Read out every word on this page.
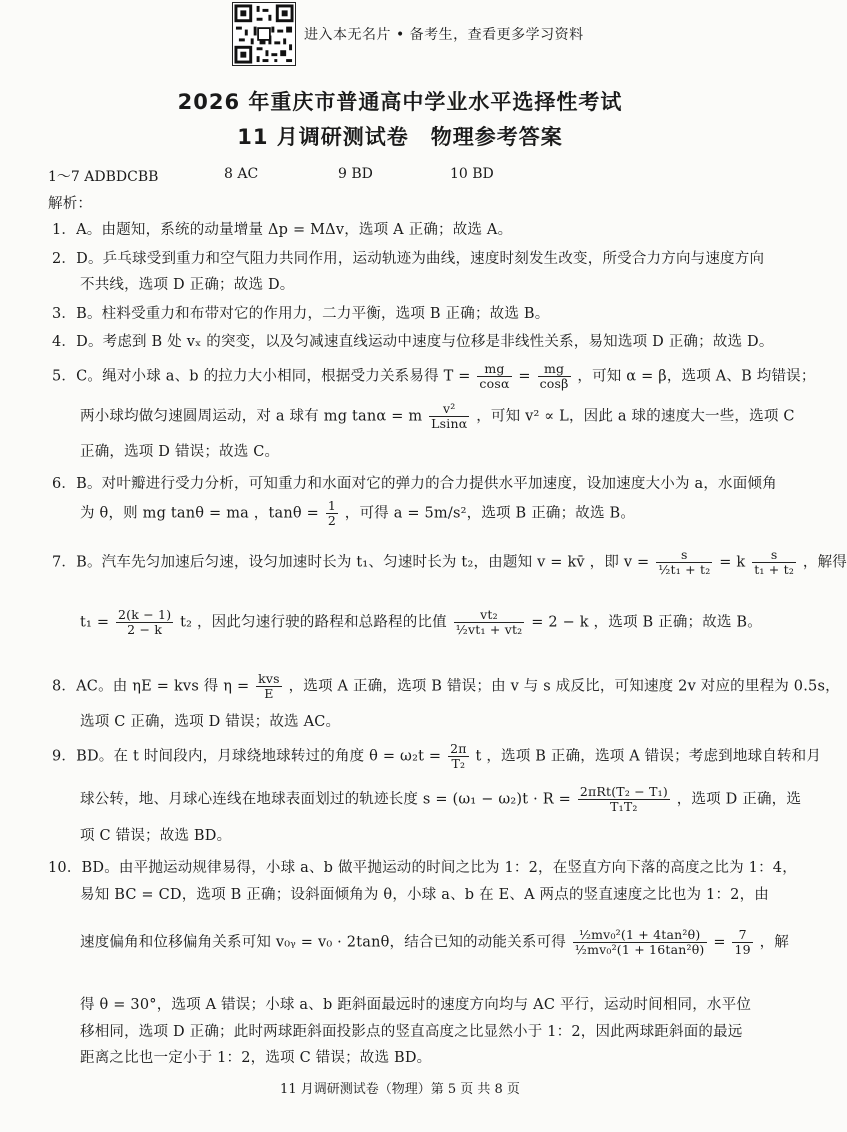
进入本无名片 • 备考生，查看更多学习资料
2026 年重庆市普通高中学业水平选择性考试
11 月调研测试卷　物理参考答案
1～7 ADBDCBB	8 AC	9 BD	10 BD
解析：
1．A。由题知，系统的动量增量 Δp = MΔv，选项 A 正确；故选 A。
2．D。乒乓球受到重力和空气阻力共同作用，运动轨迹为曲线，速度时刻发生改变，所受合力方向与速度方向
不共线，选项 D 正确；故选 D。
3．B。柱料受重力和布带对它的作用力，二力平衡，选项 B 正确；故选 B。
4．D。考虑到 B 处 vₓ 的突变，以及匀减速直线运动中速度与位移是非线性关系，易知选项 D 正确；故选 D。
5．C。绳对小球 a、b 的拉力大小相同，根据受力关系易得 $T = \frac{mg}{\cos\alpha} = \frac{mg}{\cos\beta}$ ，可知 α = β，选项 A、B 均错误；
两小球均做匀速圆周运动，对 a 球有 mg tanα = m $\frac{\text{v²}}{Lsin\alpha}$ ，可知 v² ∝ L，因此 a 球的速度大一些，选项 C
正确，选项 D 错误；故选 C。
6．B。对叶瓣进行受力分析，可知重力和水面对它的弹力的合力提供水平加速度，设加速度大小为 a，水面倾角
为 θ，则 mg tanθ = ma ，$\tan\theta = \frac{1}{2}$ ，可得 a = 5m/s²，选项 B 正确；故选 B。
7．B。汽车先匀加速后匀速，设匀加速时长为 t₁、匀速时长为 t₂，由题知 v = kv̄ ，即 $v = \frac{s}{\text{½t₁ + t₂}} = k \frac{s}{\text{t₁ + t₂}}$ ，解得
$t_1 = \frac{2(k - 1)}{2 - k} t_2$ ，因此匀速行驶的路程和总路程的比值 $\frac{\text{vt₂}}{\text{½vt₁ + vt₂}} = 2 - k$ ，选项 B 正确；故选 B。
8．AC。由 ηE = kvs 得 $\eta = \frac{\text{kvs}}{E}$ ，选项 A 正确，选项 B 错误；由 v 与 s 成反比，可知速度 2v 对应的里程为 0.5s，
选项 C 正确，选项 D 错误；故选 AC。
9．BD。在 t 时间段内，月球绕地球转过的角度 $\theta = \omega_2t = \frac{2\pi}{\text{T₂}}$ t ，选项 B 正确，选项 A 错误；考虑到地球自转和月
球公转，地、月球心连线在地球表面划过的轨迹长度 $s = (\omega_1 - \omega_2)t \cdot R = \frac{\text{2πRt(T₂ − T₁)}}{\text{T₁T₂}}$ ，选项 D 正确，选
项 C 错误；故选 BD。
10．BD。由平抛运动规律易得，小球 a、b 做平抛运动的时间之比为 1：2，在竖直方向下落的高度之比为 1：4，
易知 BC = CD，选项 B 正确；设斜面倾角为 θ，小球 a、b 在 E、A 两点的竖直速度之比也为 1：2，由
速度偏角和位移偏角关系可知 v₀ᵧ = v₀ · 2tanθ，结合已知的动能关系可得 $\frac{\text{½mv₀²(1 + 4tan²θ)}}{\text{½mv₀²(1 + 16tan²θ)}} = \frac{7}{19}$ ，解
得 θ = 30°，选项 A 错误；小球 a、b 距斜面最远时的速度方向均与 AC 平行，运动时间相同，水平位
移相同，选项 D 正确；此时两球距斜面投影点的竖直高度之比显然小于 1：2，因此两球距斜面的最远
距离之比也一定小于 1：2，选项 C 错误；故选 BD。
11 月调研测试卷（物理）第 5 页 共 8 页
